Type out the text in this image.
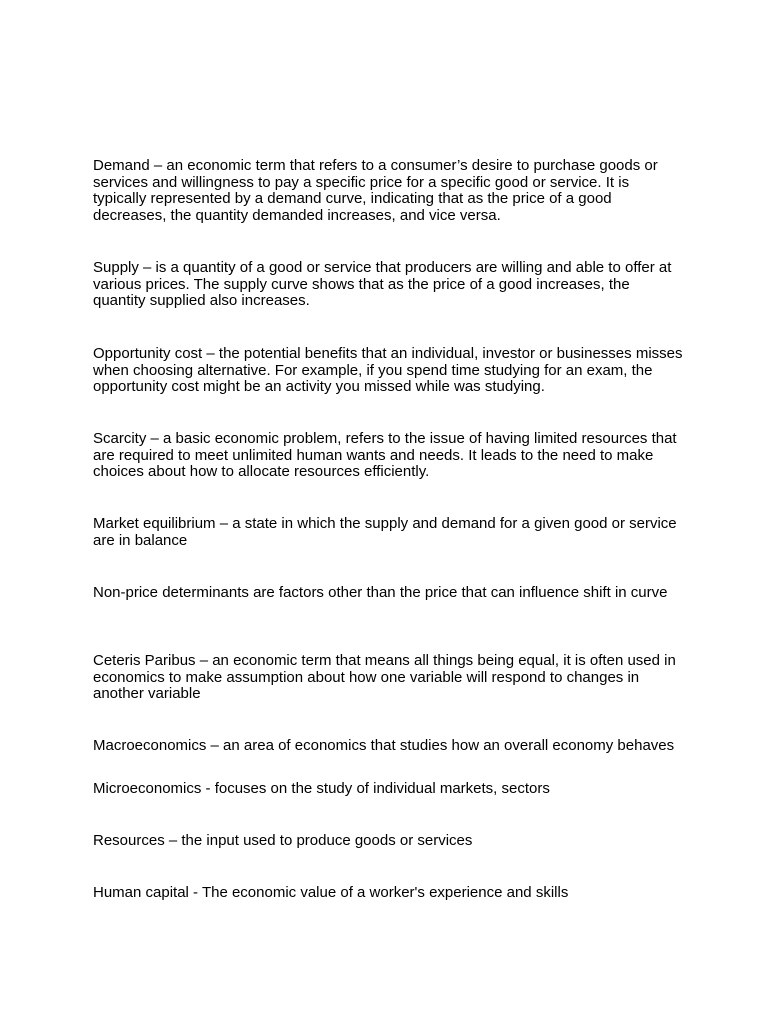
Demand – an economic term that refers to a consumer’s desire to purchase goods or services and willingness to pay a specific price for a specific good or service. It is typically represented by a demand curve, indicating that as the price of a good decreases, the quantity demanded increases, and vice versa.

Supply – is a quantity of a good or service that producers are willing and able to offer at various prices. The supply curve shows that as the price of a good increases, the quantity supplied also increases.

Opportunity cost – the potential benefits that an individual, investor or businesses misses when choosing alternative. For example, if you spend time studying for an exam, the opportunity cost might be an activity you missed while was studying.

Scarcity – a basic economic problem, refers to the issue of having limited resources that are required to meet unlimited human wants and needs. It leads to the need to make choices about how to allocate resources efficiently.

Market equilibrium – a state in which the supply and demand for a given good or service are in balance

Non-price determinants are factors other than the price that can influence shift in curve

Ceteris Paribus – an economic term that means all things being equal, it is often used in economics to make assumption about how one variable will respond to changes in another variable

Macroeconomics – an area of economics that studies how an overall economy behaves

Microeconomics - focuses on the study of individual markets, sectors

Resources – the input used to produce goods or services

Human capital - The economic value of a worker's experience and skills
